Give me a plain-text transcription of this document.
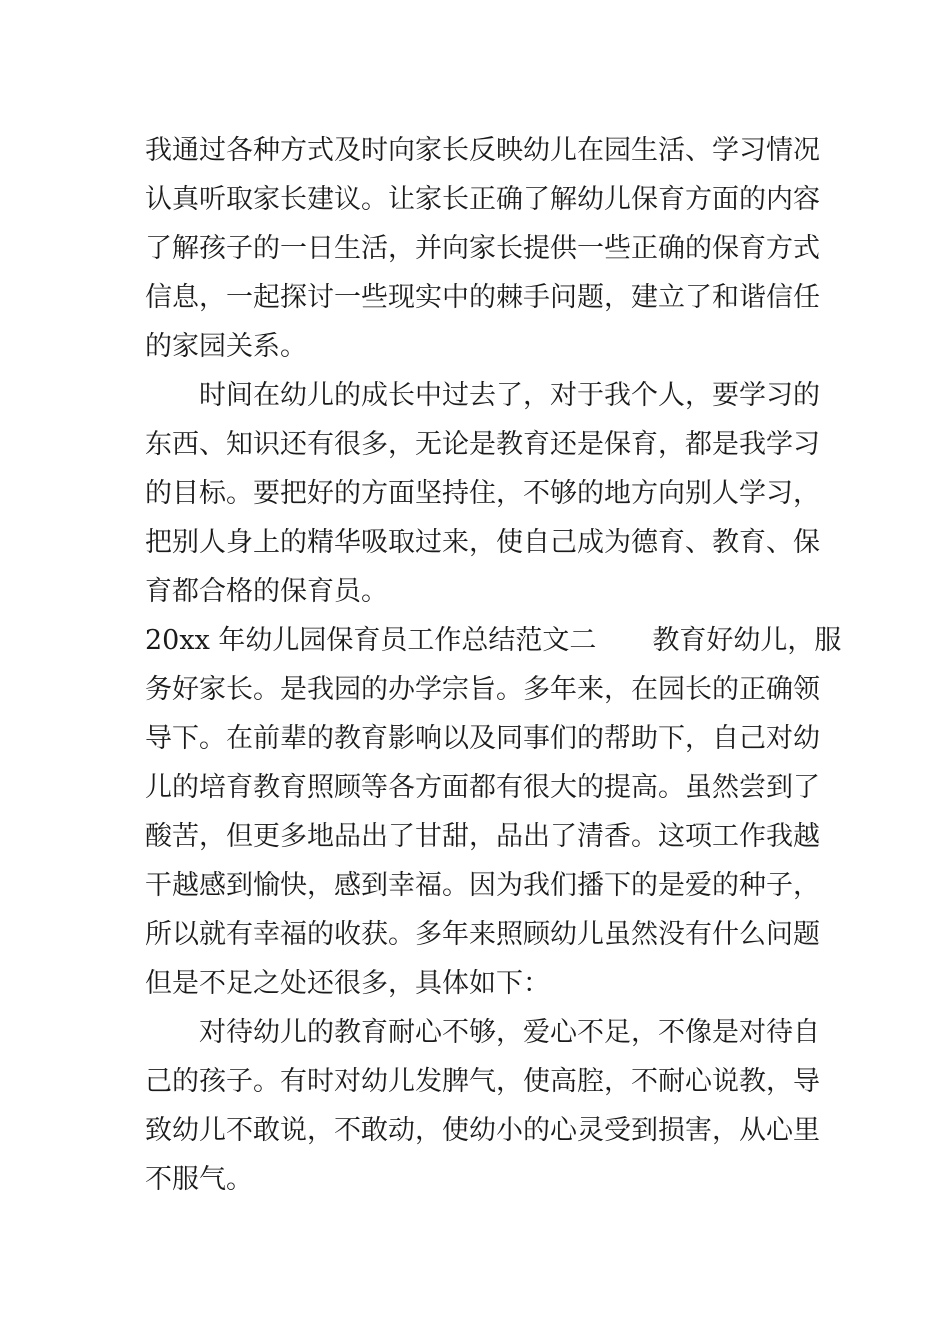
我通过各种方式及时向家长反映幼儿在园生活、学习情况
认真听取家长建议。让家长正确了解幼儿保育方面的内容
了解孩子的一日生活，并向家长提供一些正确的保育方式
信息，一起探讨一些现实中的棘手问题，建立了和谐信任
的家园关系。
时间在幼儿的成长中过去了，对于我个人，要学习的
东西、知识还有很多，无论是教育还是保育，都是我学习
的目标。要把好的方面坚持住，不够的地方向别人学习，
把别人身上的精华吸取过来，使自己成为德育、教育、保
育都合格的保育员。
20xx 年幼儿园保育员工作总结范文二 教育好幼儿，服
务好家长。是我园的办学宗旨。多年来，在园长的正确领
导下。在前辈的教育影响以及同事们的帮助下，自己对幼
儿的培育教育照顾等各方面都有很大的提高。虽然尝到了
酸苦，但更多地品出了甘甜，品出了清香。这项工作我越
干越感到愉快，感到幸福。因为我们播下的是爱的种子，
所以就有幸福的收获。多年来照顾幼儿虽然没有什么问题
但是不足之处还很多，具体如下：
对待幼儿的教育耐心不够，爱心不足，不像是对待自
己的孩子。有时对幼儿发脾气，使高腔，不耐心说教，导
致幼儿不敢说，不敢动，使幼小的心灵受到损害，从心里
不服气。
